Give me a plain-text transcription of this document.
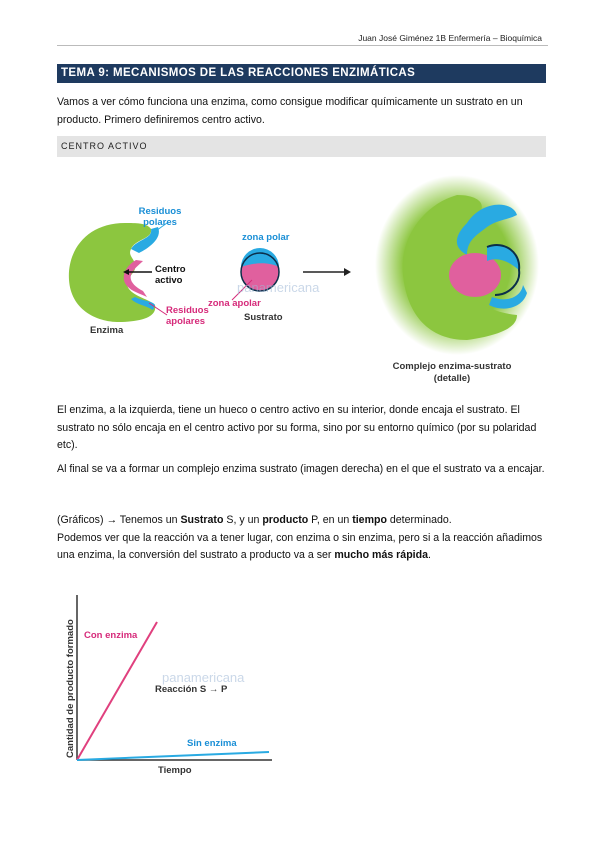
Juan José Giménez 1B Enfermería – Bioquímica
TEMA 9: MECANISMOS DE LAS REACCIONES ENZIMÁTICAS
Vamos a ver cómo funciona una enzima, como consigue modificar químicamente un sustrato en un producto. Primero definiremos centro activo.
CENTRO ACTIVO
panamericana
Residuos polares
Centro activo
Residuos apolares
Enzima
zona polar
zona apolar
Sustrato
Complejo enzima-sustrato
(detalle)
El enzima, a la izquierda, tiene un hueco o centro activo en su interior, donde encaja el sustrato. El sustrato no sólo encaja en el centro activo por su forma, sino por su entorno químico (por su polaridad etc).
Al final se va a formar un complejo enzima sustrato (imagen derecha) en el que el sustrato va a encajar.
(Gráficos) → Tenemos un Sustrato S, y un producto P, en un tiempo determinado.
Podemos ver que la reacción va a tener lugar, con enzima o sin enzima, pero si a la reacción añadimos una enzima, la conversión del sustrato a producto va a ser mucho más rápida.
panamericana
Cantidad de producto formado
Tiempo
Con enzima
Sin enzima
Reacción S → P
